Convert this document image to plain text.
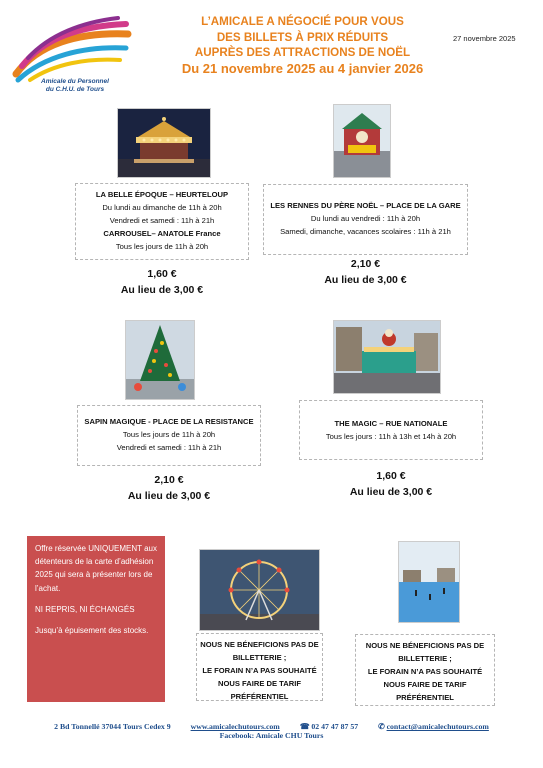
Amicale du Personnel
du C.H.U. de Tours
27 novembre 2025
L’AMICALE A NÉGOCIÉ POUR VOUS
DES BILLETS À PRIX RÉDUITS
AUPRÈS DES ATTRACTIONS DE NOËL
Du 21 novembre 2025 au 4 janvier 2026
LA BELLE ÉPOQUE – HEURTELOUP
Du lundi au dimanche de 11h à 20h
Vendredi et samedi : 11h à 21h
CARROUSEL– ANATOLE France
Tous les jours de 11h à 20h
1,60 €
Au lieu de 3,00 €
LES RENNES DU PÈRE NOËL – PLACE DE LA GARE
Du lundi au vendredi : 11h à 20h
Samedi, dimanche, vacances scolaires : 11h à 21h
2,10 €
Au lieu de 3,00 €
SAPIN MAGIQUE - PLACE DE LA RESISTANCE
Tous les jours de 11h à 20h
Vendredi et samedi : 11h à 21h
2,10 €
Au lieu de 3,00 €
THE MAGIC – RUE NATIONALE
Tous les jours : 11h à 13h et 14h à 20h
1,60 €
Au lieu de 3,00 €

Offre réservée UNIQUEMENT aux détenteurs de la carte d’adhésion 2025 qui sera à présenter lors de l’achat.

NI REPRIS, NI ÉCHANGÉS

Jusqu’à épuisement des stocks.

NOUS NE BÉNEFICIONS PAS DE BILLETTERIE ;
LE FORAIN N’A PAS SOUHAITÉ NOUS FAIRE DE TARIF PRÉFÉRENTIEL
NOUS NE BÉNEFICIONS PAS DE BILLETTERIE ;
LE FORAIN N’A PAS SOUHAITÉ NOUS FAIRE DE TARIF PRÉFÉRENTIEL
2 Bd Tonnellé 37044 Tours Cedex 9	www.amicalechutours.com	☎ 02 47 47 87 57	✆ contact@amicalechutours.com
Facebook: Amicale CHU Tours
